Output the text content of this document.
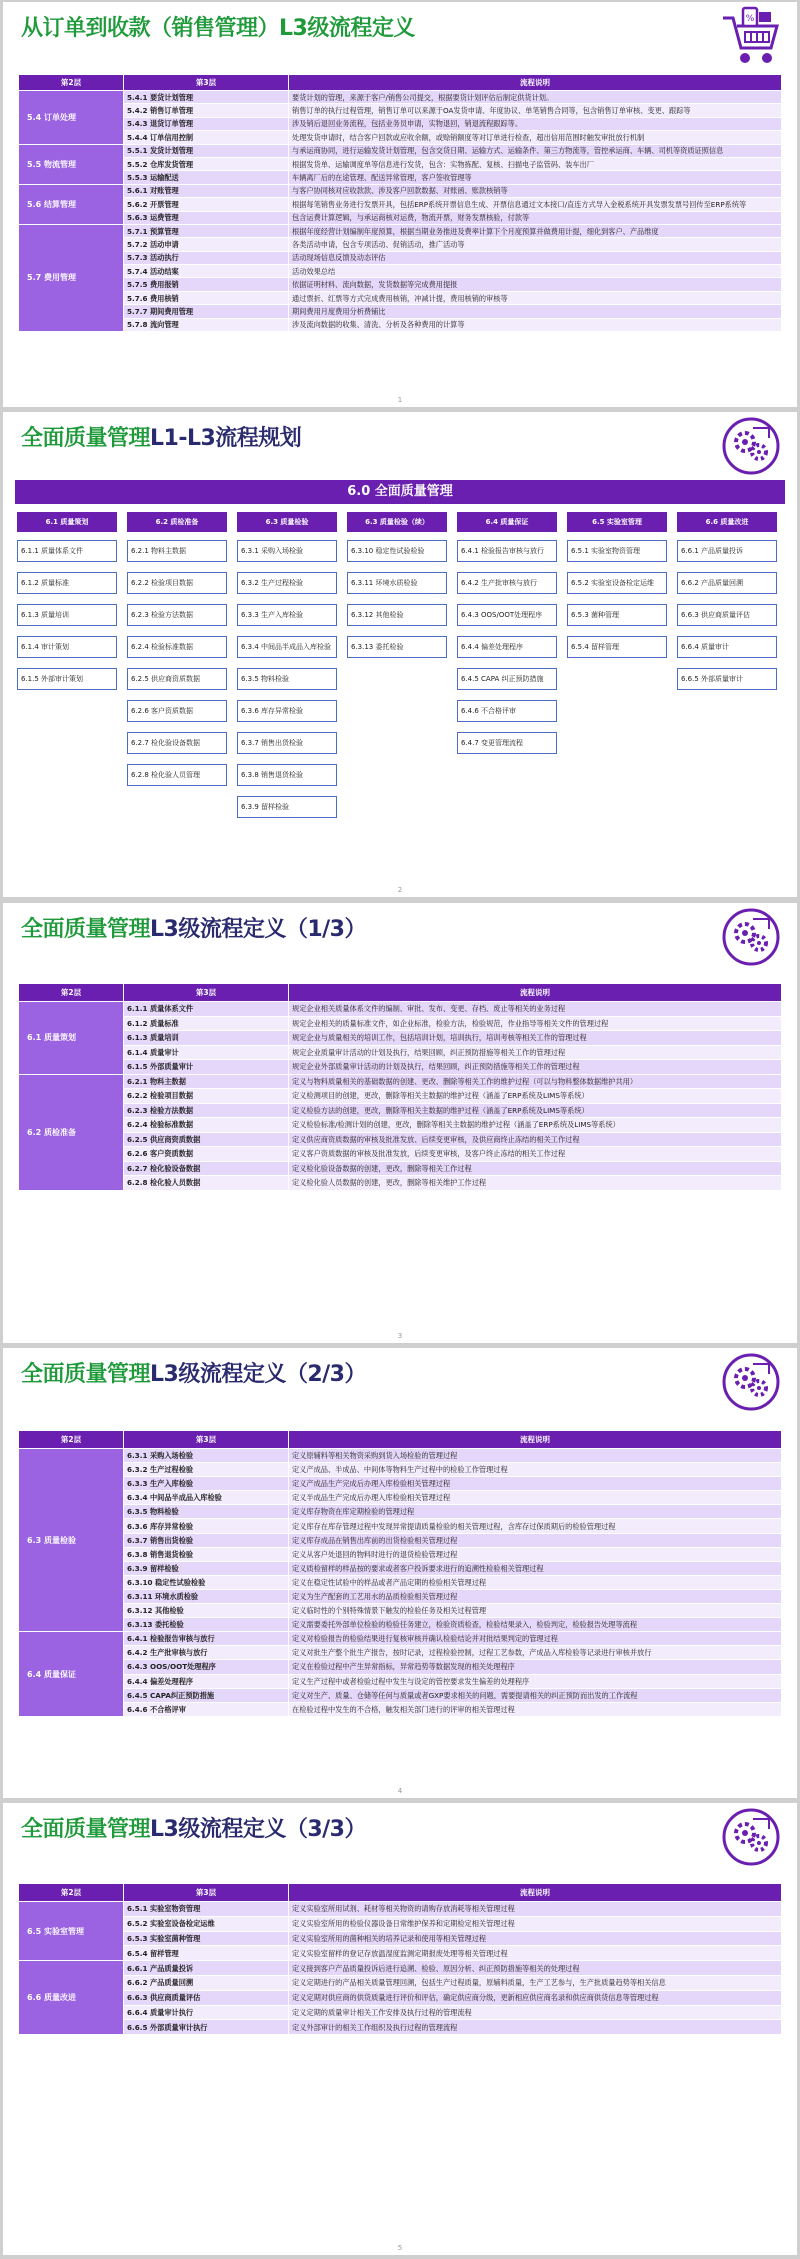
从订单到收款（销售管理）L3级流程定义	%
第2层	第3层	流程说明
5.4 订单处理	5.4.1 要货计划管理	要货计划的管理，来源于客户/销售公司提交，根据要货计划评估后制定供货计划。
	5.4.2 销售订单管理	销售订单的执行过程管理，销售订单可以来源于OA发货申请、年度协议、单笔销售合同等，包含销售订单审核、变更、跟踪等
	5.4.3 退货订单管理	涉及销后退回业务流程，包括业务员申请，实物退回，销退流程跟踪等。
	5.4.4 订单信用控制	处理发货申请时，结合客户回款或应收余额，或赊销额度等对订单进行检查，超出信用范围时触发审批放行机制
5.5 物流管理	5.5.1 发货计划管理	与承运商协同，进行运输发货计划管理，包含交货日期、运输方式、运输条件、第三方物流等，管控承运商、车辆、司机等资质证照信息
	5.5.2 仓库发货管理	根据发货单、运输调度单等信息进行发货，包含：实物拣配、复核、扫描电子监管码、装车出厂
	5.5.3 运输配送	车辆离厂后的在途管理、配送异常管理，客户签收管理等
5.6 结算管理	5.6.1 对账管理	与客户协同核对应收款款、涉及客户回款数据、对账函、账款核销等
	5.6.2 开票管理	根据每笔销售业务进行发票开具，包括ERP系统开票信息生成、开票信息通过文本接口/直连方式导入金税系统开具发票发票号回传至ERP系统等
	5.6.3 运费管理	包含运费计算逻辑，与承运商核对运费，物流开票，财务发票核验，付款等
5.7 费用管理	5.7.1 预算管理	根据年度经营计划编制年度预算，根据当期业务推进及费率计算下个月度预算并做费用计提，细化到客户、产品维度
	5.7.2 活动申请	各类活动申请，包含专项活动、促销活动，推广活动等
	5.7.3 活动执行	活动现场信息反馈及动态评估
	5.7.4 活动结案	活动效果总结
	5.7.5 费用报销	依据证明材料、流向数据，发货数据等完成费用提报
	5.7.6 费用核销	通过票折、红票等方式完成费用核销，冲减计提，费用核销的审核等
	5.7.7 期间费用管理	期间费用月度费用分析费铺比
	5.7.8 流向管理	涉及流向数据的收集、清洗、分析及各种费用的计算等
1
全面质量管理L1-L3流程规划
6.0 全面质量管理
6.1 质量策划
6.1.1 质量体系文件
6.1.2 质量标准
6.1.3 质量培训
6.1.4 审计策划
6.1.5 外部审计策划
6.2 质检准备
6.2.1 物料主数据
6.2.2 检验项目数据
6.2.3 检验方法数据
6.2.4 检验标准数据
6.2.5 供应商资质数据
6.2.6 客户资质数据
6.2.7 检化验设备数据
6.2.8 检化验人员管理
6.3 质量检验
6.3.1 采购入场检验
6.3.2 生产过程检验
6.3.3 生产入库检验
6.3.4 中间品半成品入库检验
6.3.5 物料检验
6.3.6 库存异常检验
6.3.7 销售出货检验
6.3.8 销售退货检验
6.3.9 留样检验
6.3 质量检验（续）
6.3.10 稳定性试验检验
6.3.11 环境水质检验
6.3.12 其他检验
6.3.13 委托检验
6.4 质量保证
6.4.1 检验报告审核与放行
6.4.2 生产批审核与放行
6.4.3 OOS/OOT处理程序
6.4.4 偏差处理程序
6.4.5 CAPA 纠正预防措施
6.4.6 不合格评审
6.4.7 变更管理流程
6.5 实验室管理
6.5.1 实验室物资管理
6.5.2 实验室设备检定运维
6.5.3 菌种管理
6.5.4 留样管理
6.6 质量改进
6.6.1 产品质量投诉
6.6.2 产品质量回溯
6.6.3 供应商质量评估
6.6.4 质量审计
6.6.5 外部质量审计
2
全面质量管理L3级流程定义（1/3）
第2层	第3层	流程说明
6.1 质量策划	6.1.1 质量体系文件	规定企业相关质量体系文件的编制、审批、发布、变更、存档、废止等相关的业务过程
	6.1.2 质量标准	规定企业相关的质量标准文件，如企业标准，检验方法，检验规范，作业指导等相关文件的管理过程
	6.1.3 质量培训	规定企业与质量相关的培训工作，包括培训计划，培训执行，培训考核等相关工作的管理过程
	6.1.4 质量审计	规定企业质量审计活动的计划及执行，结果回顾，纠正预防措施等相关工作的管理过程
	6.1.5 外部质量审计	规定企业外部质量审计活动的计划及执行，结果回顾，纠正预防措施等相关工作的管理过程
6.2 质检准备	6.2.1 物料主数据	定义与物料质量相关的基础数据的创建、更改、删除等相关工作的维护过程（可以与物料整体数据维护共用）
	6.2.2 检验项目数据	定义检测项目的创建，更改，删除等相关主数据的维护过程（涵盖了ERP系统及LIMS等系统）
	6.2.3 检验方法数据	定义检验方法的创建，更改，删除等相关主数据的维护过程（涵盖了ERP系统及LIMS等系统）
	6.2.4 检验标准数据	定义检验标准/检测计划的创建，更改，删除等相关主数据的维护过程（涵盖了ERP系统及LIMS等系统）
	6.2.5 供应商资质数据	定义供应商资质数据的审核及批准发放、后续变更审核，及供应商终止冻结的相关工作过程
	6.2.6 客户资质数据	定义客户资质数据的审核及批准发放，后续变更审核，及客户终止冻结的相关工作过程
	6.2.7 检化验设备数据	定义检化验设备数据的创建，更改，删除等相关工作过程
	6.2.8 检化验人员数据	定义检化验人员数据的创建，更改，删除等相关维护工作过程
3
全面质量管理L3级流程定义（2/3）
第2层	第3层	流程说明
6.3 质量检验	6.3.1 采购入场检验	定义原辅料等相关物资采购到货入场检验的管理过程
	6.3.2 生产过程检验	定义产成品、半成品、中间体等物料生产过程中的检验工作管理过程
	6.3.3 生产入库检验	定义产成品生产完成后办理入库检验相关管理过程
	6.3.4 中间品半成品入库检验	定义半成品生产完成后办理入库检验相关管理过程
	6.3.5 物料检验	定义库存物资在库定期检验的管理过程
	6.3.6 库存异常检验	定义库存在库存管理过程中发现异常提请质量检验的相关管理过程，含库存过保质期后的检验管理过程
	6.3.7 销售出货检验	定义库存成品在销售出库前的出货检验相关管理过程
	6.3.8 销售退货检验	定义从客户处退回的物料时进行的退货检验管理过程
	6.3.9 留样检验	定义质检留样的样品按的要求或者客户投诉要求进行的追溯性检验相关管理过程
	6.3.10 稳定性试验检验	定义在稳定性试验中的样品或者产品定期的检验相关管理过程
	6.3.11 环境水质检验	定义为生产配套的工艺用水的品质检验相关管理过程
	6.3.12 其他检验	定义临时性的个别特殊情景下触发的检验任务及相关过程管理
	6.3.13 委托检验	定义需要委托外部单位检验的检验任务建立，检验资质检查，检验结果录入，检验判定，检验报告处理等流程
6.4 质量保证	6.4.1 检验报告审核与放行	定义对检验报告的检验结果进行复核审核并确认检验结论并对批结果判定的管理过程
	6.4.2 生产批审核与放行	定义对批生产整个批生产报告，按时记录，过程检验控制，过程工艺参数，产成品入库检验等记录进行审核并放行
	6.4.3 OOS/OOT处理程序	定义在检验过程中产生异常指标，异常趋势等数据发现的相关处理程序
	6.4.4 偏差处理程序	定义生产过程中或者检验过程中发生与设定的管控要求发生偏差的处理程序
	6.4.5 CAPA纠正预防措施	定义对生产、质量、仓储等任何与质量或者GXP要求相关的问题，需要提请相关的纠正预防而出发的工作流程
	6.4.6 不合格评审	在检验过程中发生的不合格，触发相关部门进行的评审的相关管理过程
4
全面质量管理L3级流程定义（3/3）
第2层	第3层	流程说明
6.5 实验室管理	6.5.1 实验室物资管理	定义实验室所用试剂、耗材等相关物资的请购存放消耗等相关管理过程
	6.5.2 实验室设备检定运维	定义实验室所用的检验仪器设备日常维护保养和定期检定相关管理过程
	6.5.3 实验室菌种管理	定义实验室所用的菌种相关的培养记录和使用等相关管理过程
	6.5.4 留样管理	定义实验室留样的登记存放温湿度监测定期报废处理等相关管理过程
6.6 质量改进	6.6.1 产品质量投诉	定义接到客户产品质量投诉后进行追溯、检验、原因分析、纠正预防措施等相关的处理过程
	6.6.2 产品质量回溯	定义定期进行的产品相关质量管理回溯，包括生产过程质量，原辅料质量，生产工艺参与，生产批质量趋势等相关信息
	6.6.3 供应商质量评估	定义定期对供应商的供货质量进行评价和评估，确定供应商分级，更新相应供应商名录和供应商供货信息等管理过程
	6.6.4 质量审计执行	定义定期的质量审计相关工作安排及执行过程的管理流程
	6.6.5 外部质量审计执行	定义外部审计的相关工作组织及执行过程的管理流程
5
